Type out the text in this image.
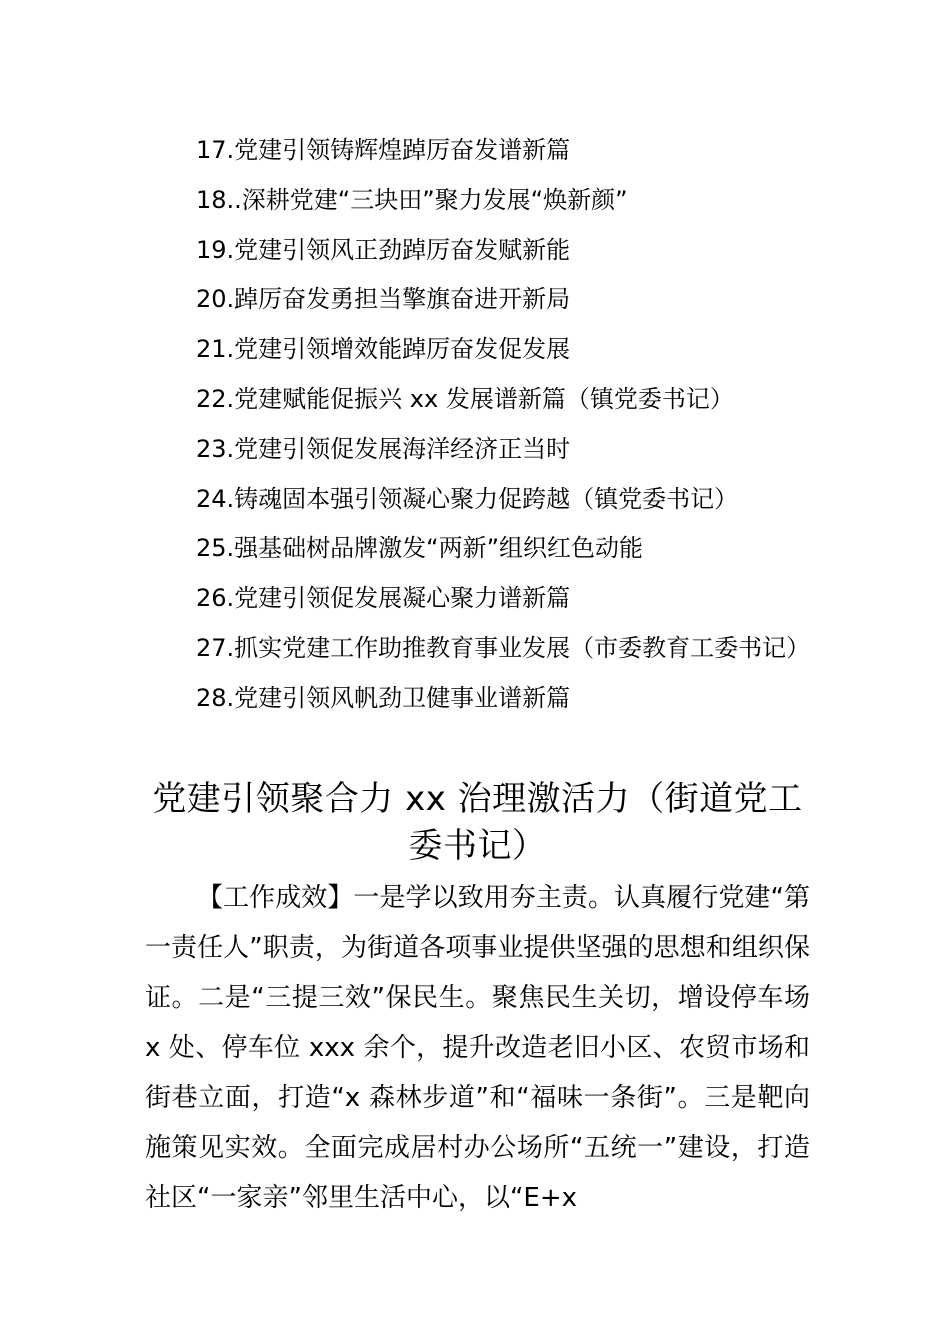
17.党建引领铸辉煌踔厉奋发谱新篇

18..深耕党建“三块田”聚力发展“焕新颜”

19.党建引领风正劲踔厉奋发赋新能

20.踔厉奋发勇担当擎旗奋进开新局

21.党建引领增效能踔厉奋发促发展

22.党建赋能促振兴 xx 发展谱新篇（镇党委书记）

23.党建引领促发展海洋经济正当时

24.铸魂固本强引领凝心聚力促跨越（镇党委书记）

25.强基础树品牌激发“两新”组织红色动能

26.党建引领促发展凝心聚力谱新篇

27.抓实党建工作助推教育事业发展（市委教育工委书记）

28.党建引领风帆劲卫健事业谱新篇

党建引领聚合力 xx 治理激活力（街道党工委书记）

【工作成效】一是学以致用夯主责。认真履行党建“第一责任人”职责，为街道各项事业提供坚强的思想和组织保证。二是“三提三效”保民生。聚焦民生关切，增设停车场 x 处、停车位 xxx 余个，提升改造老旧小区、农贸市场和街巷立面，打造“x 森林步道”和“福味一条街”。三是靶向施策见实效。全面完成居村办公场所“五统一”建设，打造社区“一家亲”邻里生活中心，以“E+x
